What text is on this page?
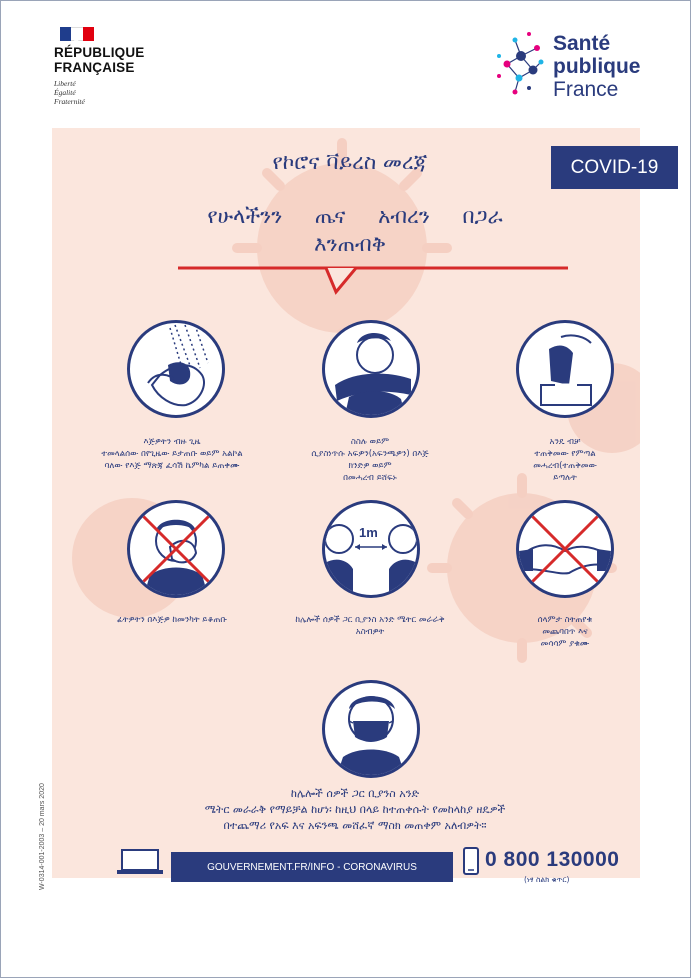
RÉPUBLIQUE
FRANÇAISE
Liberté
Égalité
Fraternité
Santé
publique
France
COVID-19
የኮሮና ቫይረስ መረጃ
የሁላችንን ጤና አብረን በጋራ
እንጠብቅ
እጅዎትን ብዙ ጊዜ
ተመላልሰው በየጊዜው ይታጠቡ ወይም አልኮል
ባለው የእጅ ማጽጃ ፈሳሽ ኬምካል ይጠቀሙ
ስስሉ ወይም
ሲያስነጥሱ አፍዎን(አፍንጫዎን) በእጅ
ክንድዎ ወይም
በመሓረብ ይሸፍኑ
አንዴ ብቻ
ተጠቅመው የምጣል
መሓረብ(ተጠቅመው
ይጣሉት
1m
ፊትዎትን በእጅዎ ከመንካት ይቆጠቡ	ከሌሎች ሰዎች ጋር ቢያንስ አንድ ሜትር መራራቅ
አስብዎት
ሰላምታ ስትጠየቁ
መጨባበጥ እና
መሳሳም ያቁሙ
ከሌሎች ሰዎች ጋር ቢያንስ አንድ
ሜትር መራራቅ የማይቻል ከሆነ፡ ከዚህ በላይ ከተጠቀሱት የመከላከያ ዘዴዎች
በተጨማሪ የአፍ እና አፍንጫ መሸፈኛ ማስክ መጠቀም አለብዎት።
GOUVERNEMENT.FR/INFO - CORONAVIRUS	0 800 130000
(ነፃ ስልክ ቁጥር)
W-0314-001-2003 – 20 mars 2020
